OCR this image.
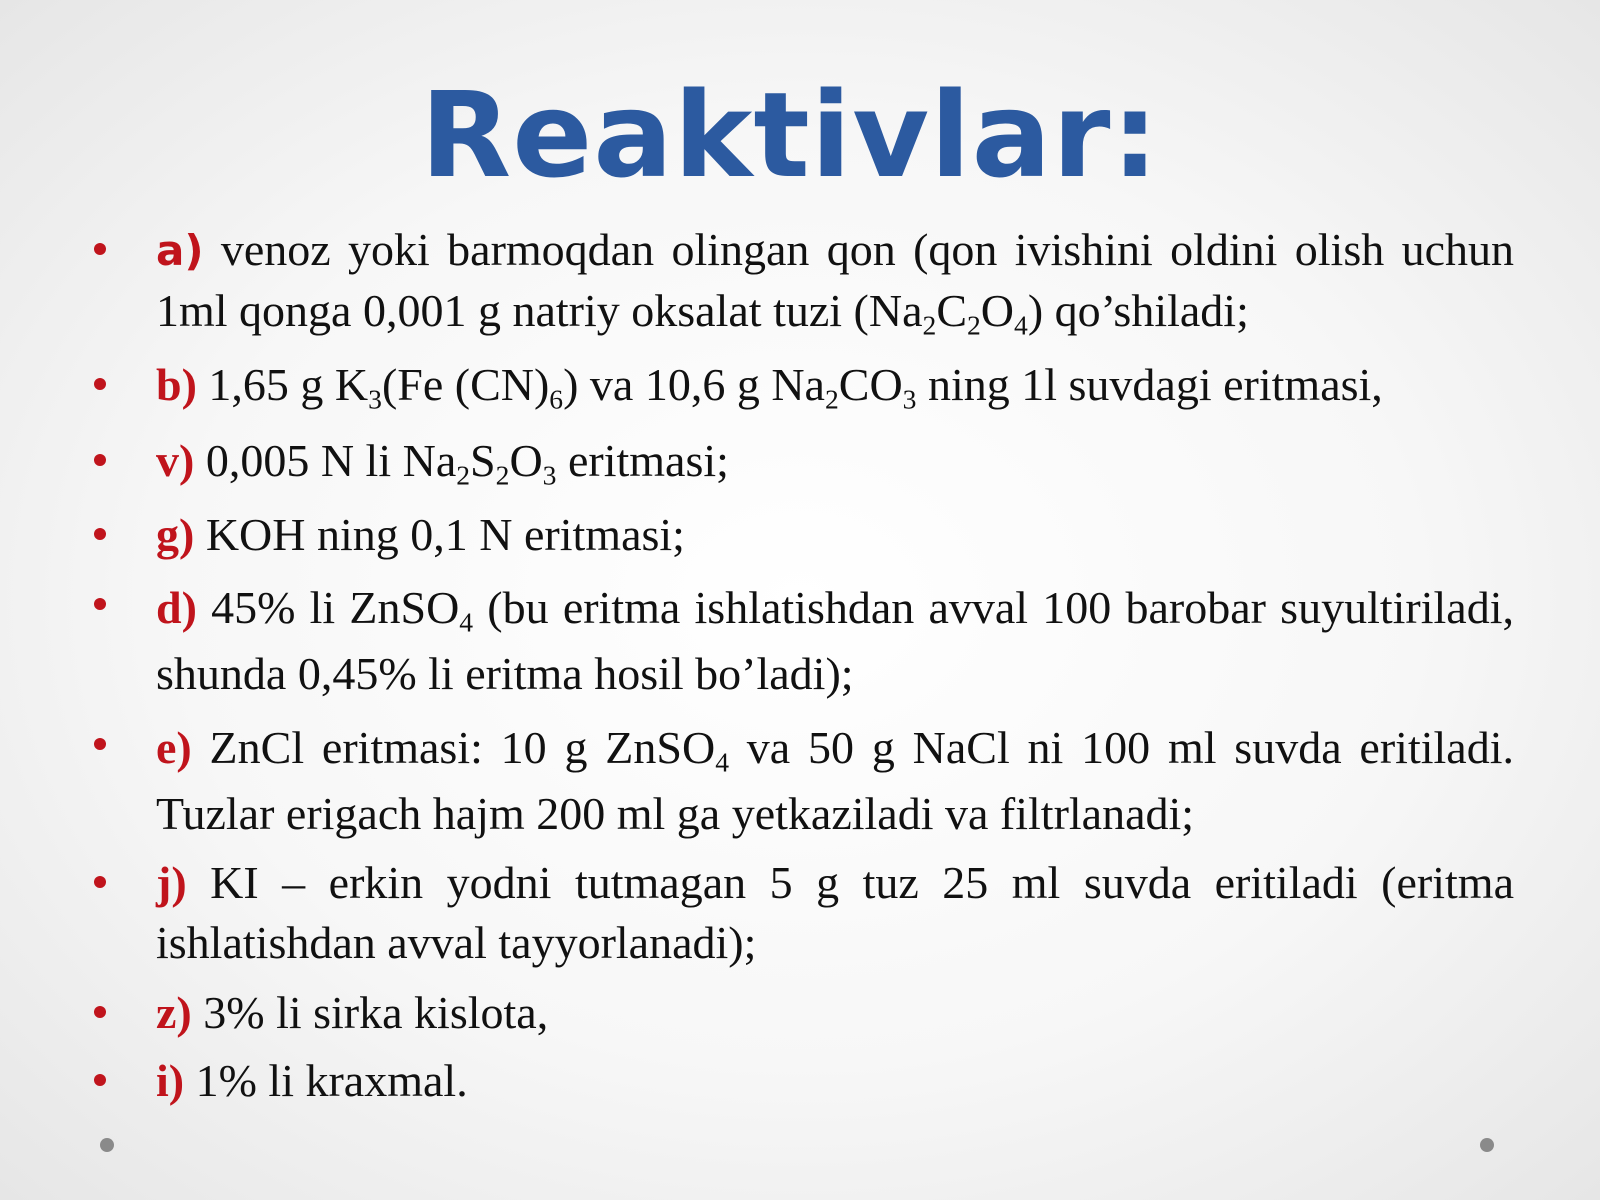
Reaktivlar:
a) venoz yoki barmoqdan olingan qon (qon ivishini oldini olish uchun 1ml qonga 0,001 g natriy oksalat tuzi $(Na_2C_2O_4)$ qo’shiladi;
b) 1,65 g $K_3(Fe$ $(CN)_6$) va 10,6 g $Na_2CO_3$ ning 1l suvdagi eritmasi,
v) 0,005 N li $Na_2S_2O_3$ eritmasi;
g) KOH ning 0,1 N eritmasi;
d) 45% li ZnSO$_4$ (bu eritma ishlatishdan avval 100 barobar suyultiriladi, shunda 0,45% li eritma hosil bo’ladi);
e) ZnCl eritmasi: 10 g ZnSO$_4$ va 50 g NaCl ni 100 ml suvda eritiladi. Tuzlar erigach hajm 200 ml ga yetkaziladi va filtrlanadi;
j) KI – erkin yodni tutmagan 5 g tuz 25 ml suvda eritiladi (eritma ishlatishdan avval tayyorlanadi);
z) 3% li sirka kislota,
i) 1% li kraxmal.
